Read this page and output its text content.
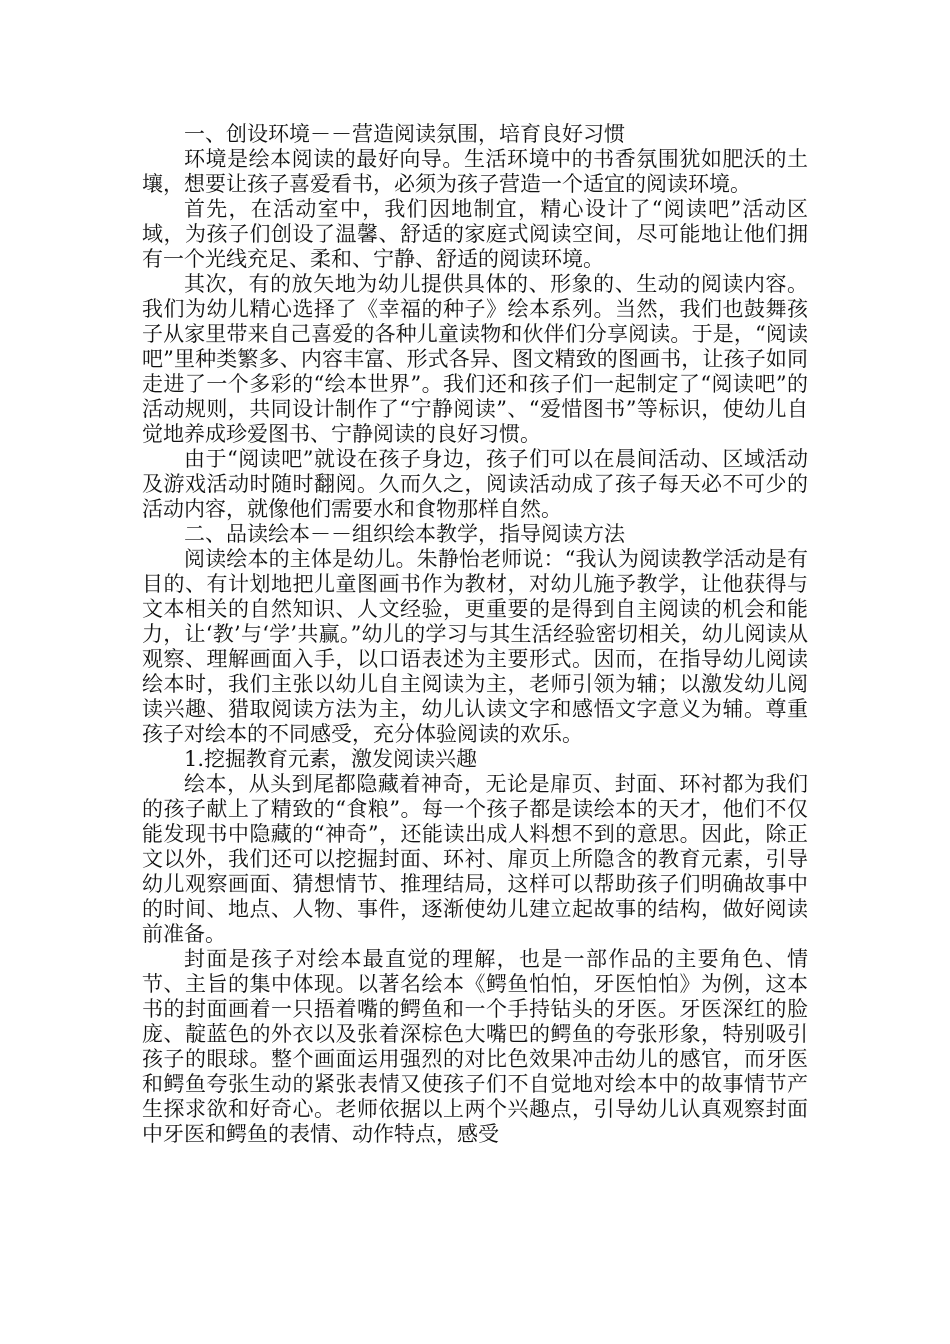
一、创设环境－－营造阅读氛围，培育良好习惯

环境是绘本阅读的最好向导。生活环境中的书香氛围犹如肥沃的土壤，想要让孩子喜爱看书，必须为孩子营造一个适宜的阅读环境。

首先，在活动室中，我们因地制宜，精心设计了“阅读吧”活动区域，为孩子们创设了温馨、舒适的家庭式阅读空间，尽可能地让他们拥有一个光线充足、柔和、宁静、舒适的阅读环境。

其次，有的放矢地为幼儿提供具体的、形象的、生动的阅读内容。我们为幼儿精心选择了《幸福的种子》绘本系列。当然，我们也鼓舞孩子从家里带来自己喜爱的各种儿童读物和伙伴们分享阅读。于是，“阅读吧”里种类繁多、内容丰富、形式各异、图文精致的图画书，让孩子如同走进了一个多彩的“绘本世界”。我们还和孩子们一起制定了“阅读吧”的活动规则，共同设计制作了“宁静阅读”、“爱惜图书”等标识，使幼儿自觉地养成珍爱图书、宁静阅读的良好习惯。

由于“阅读吧”就设在孩子身边，孩子们可以在晨间活动、区域活动及游戏活动时随时翻阅。久而久之，阅读活动成了孩子每天必不可少的活动内容，就像他们需要水和食物那样自然。

二、品读绘本－－组织绘本教学，指导阅读方法

阅读绘本的主体是幼儿。朱静怡老师说：“我认为阅读教学活动是有目的、有计划地把儿童图画书作为教材，对幼儿施予教学，让他获得与文本相关的自然知识、人文经验，更重要的是得到自主阅读的机会和能力，让‘教’与‘学’共赢。”幼儿的学习与其生活经验密切相关，幼儿阅读从观察、理解画面入手，以口语表述为主要形式。因而，在指导幼儿阅读绘本时，我们主张以幼儿自主阅读为主，老师引领为辅；以激发幼儿阅读兴趣、猎取阅读方法为主，幼儿认读文字和感悟文字意义为辅。尊重孩子对绘本的不同感受，充分体验阅读的欢乐。

1.挖掘教育元素，激发阅读兴趣

绘本，从头到尾都隐藏着神奇，无论是扉页、封面、环衬都为我们的孩子献上了精致的“食粮”。每一个孩子都是读绘本的天才，他们不仅能发现书中隐藏的“神奇”，还能读出成人料想不到的意思。因此，除正文以外，我们还可以挖掘封面、环衬、扉页上所隐含的教育元素，引导幼儿观察画面、猜想情节、推理结局，这样可以帮助孩子们明确故事中的时间、地点、人物、事件，逐渐使幼儿建立起故事的结构，做好阅读前准备。

封面是孩子对绘本最直觉的理解，也是一部作品的主要角色、情节、主旨的集中体现。以著名绘本《鳄鱼怕怕，牙医怕怕》为例，这本书的封面画着一只捂着嘴的鳄鱼和一个手持钻头的牙医。牙医深红的脸庞、靛蓝色的外衣以及张着深棕色大嘴巴的鳄鱼的夸张形象，特别吸引孩子的眼球。整个画面运用强烈的对比色效果冲击幼儿的感官，而牙医和鳄鱼夸张生动的紧张表情又使孩子们不自觉地对绘本中的故事情节产生探求欲和好奇心。老师依据以上两个兴趣点，引导幼儿认真观察封面中牙医和鳄鱼的表情、动作特点，感受
